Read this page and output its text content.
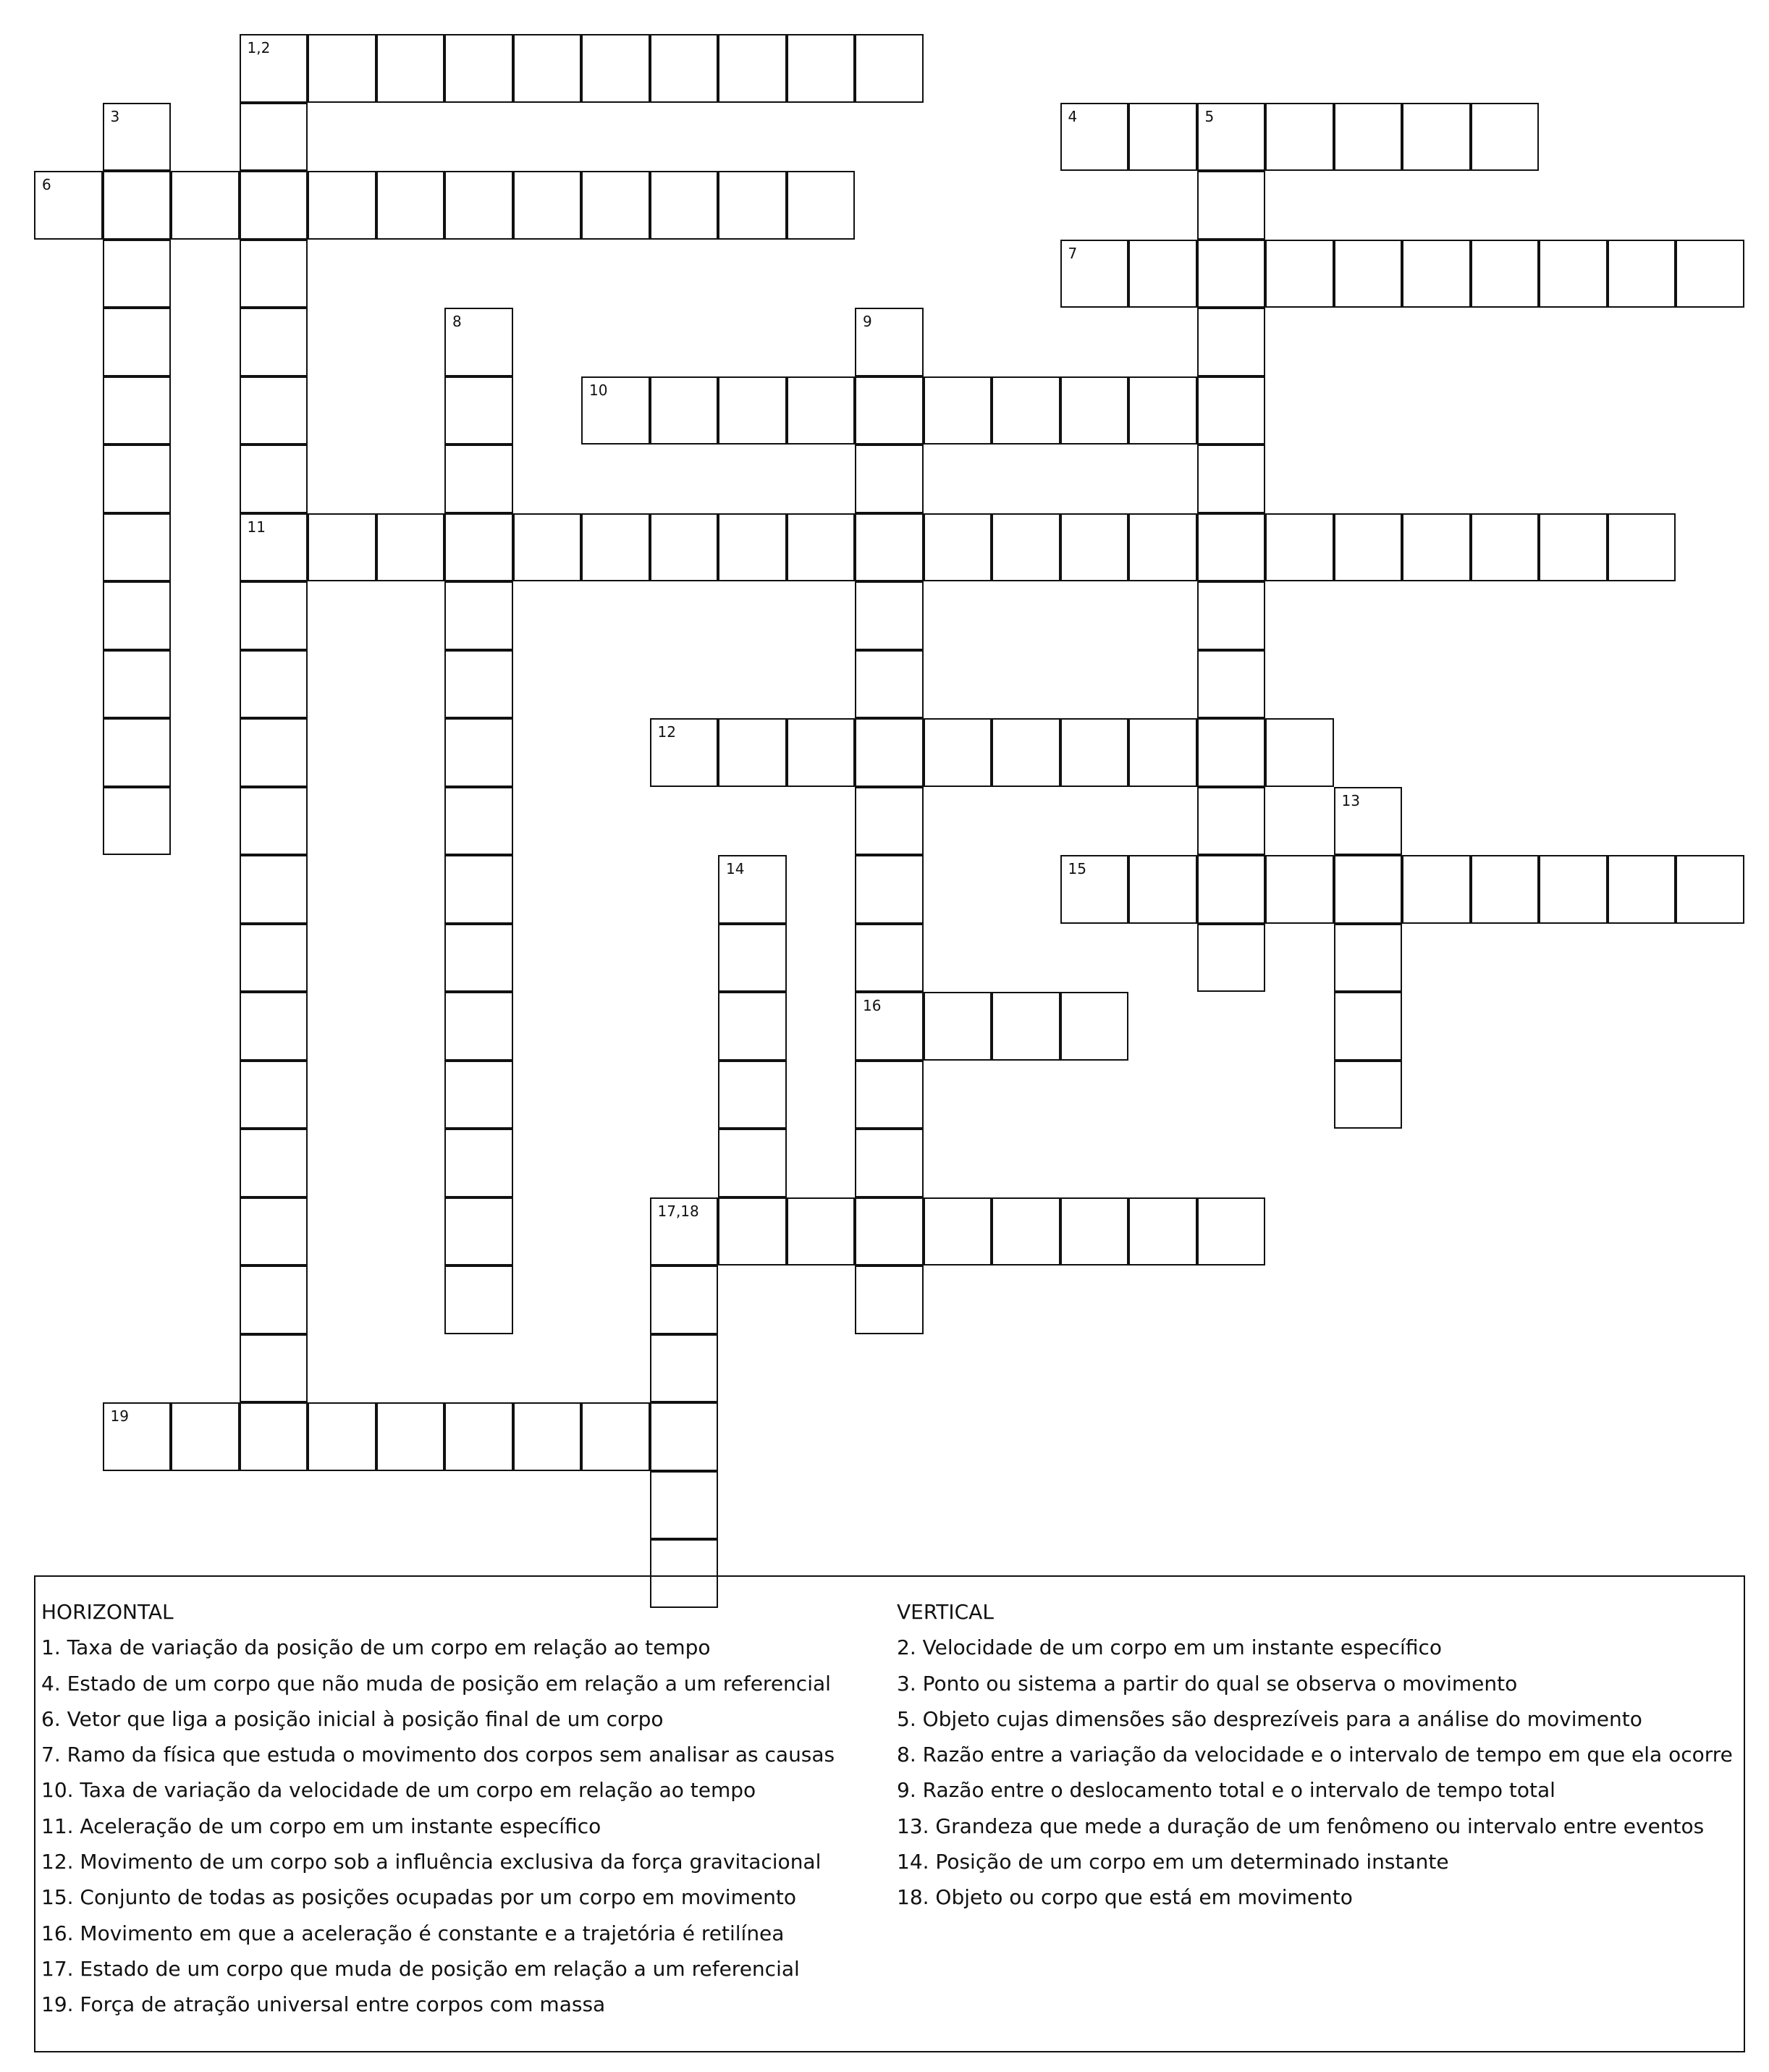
1,2
11
3	4	5
6
7
8	9
16
10
12
13
14	15
17,18
19
HORIZONTAL
1. Taxa de variação da posição de um corpo em relação ao tempo
4. Estado de um corpo que não muda de posição em relação a um referencial
6. Vetor que liga a posição inicial à posição final de um corpo
7. Ramo da física que estuda o movimento dos corpos sem analisar as causas
10. Taxa de variação da velocidade de um corpo em relação ao tempo
11. Aceleração de um corpo em um instante específico
12. Movimento de um corpo sob a influência exclusiva da força gravitacional
15. Conjunto de todas as posições ocupadas por um corpo em movimento
16. Movimento em que a aceleração é constante e a trajetória é retilínea
17. Estado de um corpo que muda de posição em relação a um referencial
19. Força de atração universal entre corpos com massa
VERTICAL
2. Velocidade de um corpo em um instante específico
3. Ponto ou sistema a partir do qual se observa o movimento
5. Objeto cujas dimensões são desprezíveis para a análise do movimento
8. Razão entre a variação da velocidade e o intervalo de tempo em que ela ocorre
9. Razão entre o deslocamento total e o intervalo de tempo total
13. Grandeza que mede a duração de um fenômeno ou intervalo entre eventos
14. Posição de um corpo em um determinado instante
18. Objeto ou corpo que está em movimento
